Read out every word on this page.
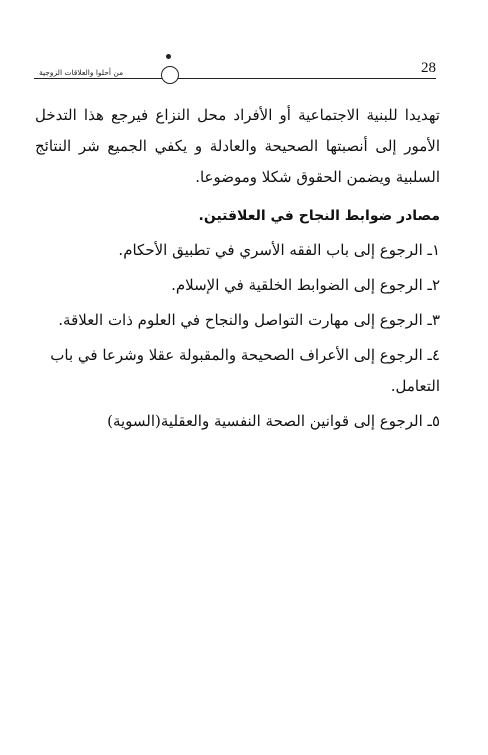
من أحلوا والعلاقات الزوجية	28

تهديدا للبنية الاجتماعية أو الأفراد محل النزاع فيرجع هذا التدخل الأمور إلى أنصبتها الصحيحة والعادلة و يكفي الجميع شر النتائج السلبية ويضمن الحقوق شكلا وموضوعا.

مصادر ضوابط النجاح في العلاقتين.
١ـ الرجوع إلى باب الفقه الأسري في تطبيق الأحكام.
٢ـ الرجوع إلى الضوابط الخلقية في الإسلام.
٣ـ الرجوع إلى مهارت التواصل والنجاح في العلوم ذات العلاقة.
٤ـ الرجوع إلى الأعراف الصحيحة والمقبولة عقلا وشرعا في باب التعامل.
٥ـ الرجوع إلى قوانين الصحة النفسية والعقلية(السوية)
